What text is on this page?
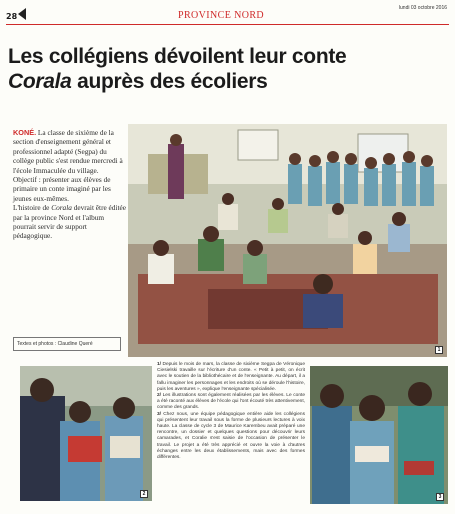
28	PROVINCE NORD
lundi 03 octobre 2016
Les collégiens dévoilent leur conte
Corala auprès des écoliers

KONÉ. La classe de sixième de la section d'enseignement général et professionnel adapté (Segpa) du collège public s'est rendue mercredi à l'école Immaculée du village.

Objectif : présenter aux élèves de primaire un conte imaginé par les jeunes eux-mêmes.

L'histoire de Corala devrait être éditée par la province Nord et l'album pourrait servir de support pédagogique.

Textes et photos : Claudine Queré
1

1/ Depuis le mois de mars, la classe de sixième Segpa de Véronique Ciesielski travaille sur l'écriture d'un conte. « Petit à petit, on écrit avec le soutien de la bibliothécaire et de l'enseignante. Au départ, il a fallu imaginer les personnages et les endroits où se déroule l'histoire, puis les aventures », explique l'enseignante spécialisée.

2/ Les illustrations sont également réalisées par les élèves. Le conte a été raconté aux élèves de l'école qui l'ont écouté très attentivement, comme des grands.

3/ Chez nous, une équipe pédagogique entière aide les collégiens qui présentent leur travail sous la forme de plusieurs lectures à voix haute. La classe de cycle 3 de Maurice Karembeu avait préparé une rencontre, un dossier et quelques questions pour découvrir leurs camarades, et Coralie s'est saisie de l'occasion de présenter le travail. Le projet a été très apprécié et ouvre la voie à d'autres échanges entre les deux établissements, mais avec des formes différentes.

2	3
